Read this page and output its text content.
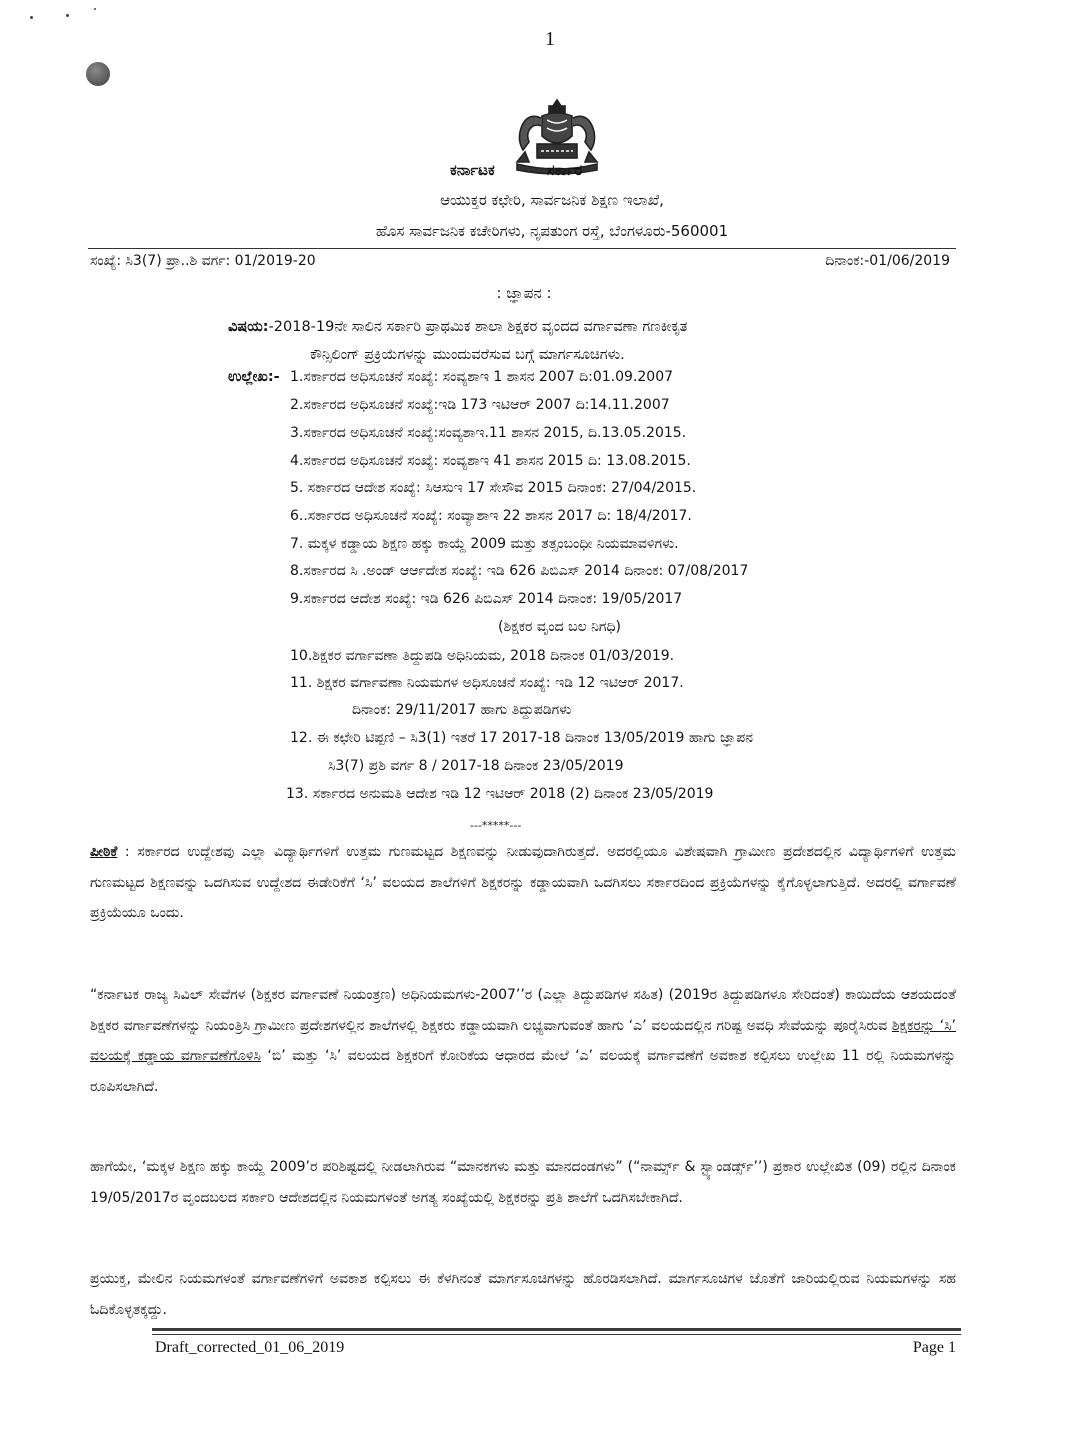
1
ಕರ್ನಾಟಕ	ಸರ್ಕಾರ
ಆಯುಕ್ತರ ಕಛೇರಿ, ಸಾರ್ವಜನಿಕ ಶಿಕ್ಷಣ ಇಲಾಖೆ,
ಹೊಸ ಸಾರ್ವಜನಿಕ ಕಚೇರಿಗಳು, ನೃಪತುಂಗ ರಸ್ತೆ, ಬೆಂಗಳೂರು-560001
ಸಂಖ್ಯೆ: ಸಿ3(7) ಪ್ರಾ..ಶಿ ವರ್ಗ: 01/2019-20	ದಿನಾಂಕ:-01/06/2019
: ಜ್ಞಾಪನ :
ವಿಷಯ:-2018-19ನೇ ಸಾಲಿನ ಸರ್ಕಾರಿ ಪ್ರಾಥಮಿಕ ಶಾಲಾ ಶಿಕ್ಷಕರ ವೃಂದದ ವರ್ಗಾವಣಾ ಗಣಕೀಕೃತ
ಕೌನ್ಸಿಲಿಂಗ್ ಪ್ರಕ್ರಿಯೆಗಳನ್ನು ಮುಂದುವರೆಸುವ ಬಗ್ಗೆ ಮಾರ್ಗಸೂಚಿಗಳು.
ಉಲ್ಲೇಖ:- 1.ಸರ್ಕಾರದ ಅಧಿಸೂಚನೆ ಸಂಖ್ಯೆ: ಸಂವ್ಯಶಾಇ 1 ಶಾಸನ 2007 ದಿ:01.09.2007
2.ಸರ್ಕಾರದ ಅಧಿಸೂಚನೆ ಸಂಖ್ಯೆ:ಇಡಿ 173 ಇಟಿಆರ್ 2007 ದಿ:14.11.2007
3.ಸರ್ಕಾರದ ಅಧಿಸೂಚನೆ ಸಂಖ್ಯೆ:ಸಂವ್ಯಶಾಇ.11 ಶಾಸನ 2015, ದಿ.13.05.2015.
4.ಸರ್ಕಾರದ ಅಧಿಸೂಚನೆ ಸಂಖ್ಯೆ: ಸಂವ್ಯಶಾಇ 41 ಶಾಸನ 2015 ದಿ: 13.08.2015.
5. ಸರ್ಕಾರದ ಆದೇಶ ಸಂಖ್ಯೆ: ಸಿಆಸುಇ 17 ಸೇಸೌವ 2015 ದಿನಾಂಕ: 27/04/2015.
6..ಸರ್ಕಾರದ ಅಧಿಸೂಚನೆ ಸಂಖ್ಯೆ: ಸಂವ್ಯಾಶಾಇ 22 ಶಾಸನ 2017 ದಿ: 18/4/2017.
7. ಮಕ್ಕಳ ಕಡ್ಡಾಯ ಶಿಕ್ಷಣ ಹಕ್ಕು ಕಾಯ್ದೆ 2009 ಮತ್ತು ತತ್ಸಂಬಂಧೀ ನಿಯಮಾವಳಿಗಳು.
8.ಸರ್ಕಾರದ ಸಿ .ಅಂಡ್ ಆರ್ಆದೇಶ ಸಂಖ್ಯೆ: ಇಡಿ 626 ಪಿಬಿಎಸ್ 2014 ದಿನಾಂಕ: 07/08/2017
9.ಸರ್ಕಾರದ ಆದೇಶ ಸಂಖ್ಯೆ: ಇಡಿ 626 ಪಿಬಿಎಸ್ 2014 ದಿನಾಂಕ: 19/05/2017
(ಶಿಕ್ಷಕರ ವೃಂದ ಬಲ ನಿಗಧಿ)
10.ಶಿಕ್ಷಕರ ವರ್ಗಾವಣಾ ತಿದ್ದುಪಡಿ ಅಧಿನಿಯಮ, 2018 ದಿನಾಂಕ 01/03/2019.
11. ಶಿಕ್ಷಕರ ವರ್ಗಾವಣಾ ನಿಯಮಗಳ ಅಧಿಸೂಚನೆ ಸಂಖ್ಯೆ: ಇಡಿ 12 ಇಟಿಆರ್ 2017.
ದಿನಾಂಕ: 29/11/2017 ಹಾಗು ತಿದ್ದುಪಡಿಗಳು
12. ಈ ಕಛೇರಿ ಟಿಪ್ಪಣಿ – ಸಿ3(1) ಇತರೆ 17 2017-18 ದಿನಾಂಕ 13/05/2019 ಹಾಗು ಜ್ಞಾಪನ
ಸಿ3(7) ಪ್ರಶಿ ವರ್ಗ 8 / 2017-18 ದಿನಾಂಕ 23/05/2019
13. ಸರ್ಕಾರದ ಅನುಮತಿ ಆದೇಶ ಇಡಿ 12 ಇಟಿಆರ್ 2018 (2) ದಿನಾಂಕ 23/05/2019
---*****---
ಪೀಠಿಕೆ : ಸರ್ಕಾರದ ಉದ್ದೇಶವು ಎಲ್ಲಾ ವಿದ್ಯಾರ್ಥಿಗಳಿಗೆ ಉತ್ತಮ ಗುಣಮಟ್ಟದ ಶಿಕ್ಷಣವನ್ನು ನೀಡುವುದಾಗಿರುತ್ತದೆ. ಅದರಲ್ಲಿಯೂ ವಿಶೇಷವಾಗಿ ಗ್ರಾಮೀಣ ಪ್ರದೇಶದಲ್ಲಿನ ವಿದ್ಯಾರ್ಥಿಗಳಿಗೆ ಉತ್ತಮ ಗುಣಮಟ್ಟದ ಶಿಕ್ಷಣವನ್ನು ಒದಗಿಸುವ ಉದ್ದೇಶದ ಈಡೇರಿಕೆಗೆ ‘ಸಿ’ ವಲಯದ ಶಾಲೆಗಳಿಗೆ ಶಿಕ್ಷಕರನ್ನು ಕಡ್ಡಾಯವಾಗಿ ಒದಗಿಸಲು ಸರ್ಕಾರದಿಂದ ಪ್ರಕ್ರಿಯೆಗಳನ್ನು ಕೈಗೊಳ್ಳಲಾಗುತ್ತಿದೆ. ಅದರಲ್ಲಿ ವರ್ಗಾವಣೆ ಪ್ರಕ್ರಿಯೆಯೂ ಒಂದು.
“ಕರ್ನಾಟಕ ರಾಜ್ಯ ಸಿವಿಲ್ ಸೇವೆಗಳ (ಶಿಕ್ಷಕರ ವರ್ಗಾವಣೆ ನಿಯಂತ್ರಣ) ಅಧಿನಿಯಮಗಳು-2007’’ರ (ಎಲ್ಲಾ ತಿದ್ದುಪಡಿಗಳ ಸಹಿತ) (2019ರ ತಿದ್ದುಪಡಿಗಳೂ ಸೇರಿದಂತೆ) ಕಾಯಿದೆಯ ಆಶಯದಂತೆ ಶಿಕ್ಷಕರ ವರ್ಗಾವಣೆಗಳನ್ನು ನಿಯಂತ್ರಿಸಿ ಗ್ರಾಮೀಣ ಪ್ರದೇಶಗಳಲ್ಲಿನ ಶಾಲೆಗಳಲ್ಲಿ ಶಿಕ್ಷಕರು ಕಡ್ಡಾಯವಾಗಿ ಲಭ್ಯವಾಗುವಂತೆ ಹಾಗು ‘ಎ’ ವಲಯದಲ್ಲಿನ ಗರಿಷ್ಟ ಅವಧಿ ಸೇವೆಯನ್ನು ಪೂರೈಸಿರುವ ಶಿಕ್ಷಕರನ್ನು ‘ಸಿ’ ವಲಯಕ್ಕೆ ಕಡ್ಡಾಯ ವರ್ಗಾವಣೆಗೊಳಿಸಿ ‘ಬಿ’ ಮತ್ತು ‘ಸಿ’ ವಲಯದ ಶಿಕ್ಷಕರಿಗೆ ಕೋರಿಕೆಯ ಆಧಾರದ ಮೇಲೆ ‘ಎ’ ವಲಯಕ್ಕೆ ವರ್ಗಾವಣೆಗೆ ಅವಕಾಶ ಕಲ್ಪಿಸಲು ಉಲ್ಲೇಖ 11 ರಲ್ಲಿ ನಿಯಮಗಳನ್ನು ರೂಪಿಸಲಾಗಿದೆ.
ಹಾಗೆಯೇ, ‘ಮಕ್ಕಳ ಶಿಕ್ಷಣ ಹಕ್ಕು ಕಾಯ್ದೆ 2009’ರ ಪರಿಶಿಷ್ಟದಲ್ಲಿ ನೀಡಲಾಗಿರುವ “ಮಾನಕಗಳು ಮತ್ತು ಮಾನದಂಡಗಳು” (“ನಾರ್ಮ್ಸ್ & ಸ್ಟ್ಯಾಂಡರ್ಡ್ಸ್’’) ಪ್ರಕಾರ ಉಲ್ಲೇಖಿತ (09) ರಲ್ಲಿನ ದಿನಾಂಕ 19/05/2017ರ ವೃಂದಬಲದ ಸರ್ಕಾರಿ ಆದೇಶದಲ್ಲಿನ ನಿಯಮಗಳಂತೆ ಅಗತ್ಯ ಸಂಖ್ಯೆಯಲ್ಲಿ ಶಿಕ್ಷಕರನ್ನು ಪ್ರತಿ ಶಾಲೆಗೆ ಒದಗಿಸಬೇಕಾಗಿದೆ.
ಪ್ರಯುಕ್ತ, ಮೇಲಿನ ನಿಯಮಗಳಂತೆ ವರ್ಗಾವಣೆಗಳಿಗೆ ಅವಕಾಶ ಕಲ್ಪಿಸಲು ಈ ಕೆಳಗಿನಂತೆ ಮಾರ್ಗಸೂಚಿಗಳನ್ನು ಹೊರಡಿಸಲಾಗಿದೆ. ಮಾರ್ಗಸೂಚಿಗಳ ಜೊತೆಗೆ ಜಾರಿಯಲ್ಲಿರುವ ನಿಯಮಗಳನ್ನು ಸಹ ಓದಿಕೊಳ್ಳತಕ್ಕದ್ದು.
Draft_corrected_01_06_2019	Page 1
